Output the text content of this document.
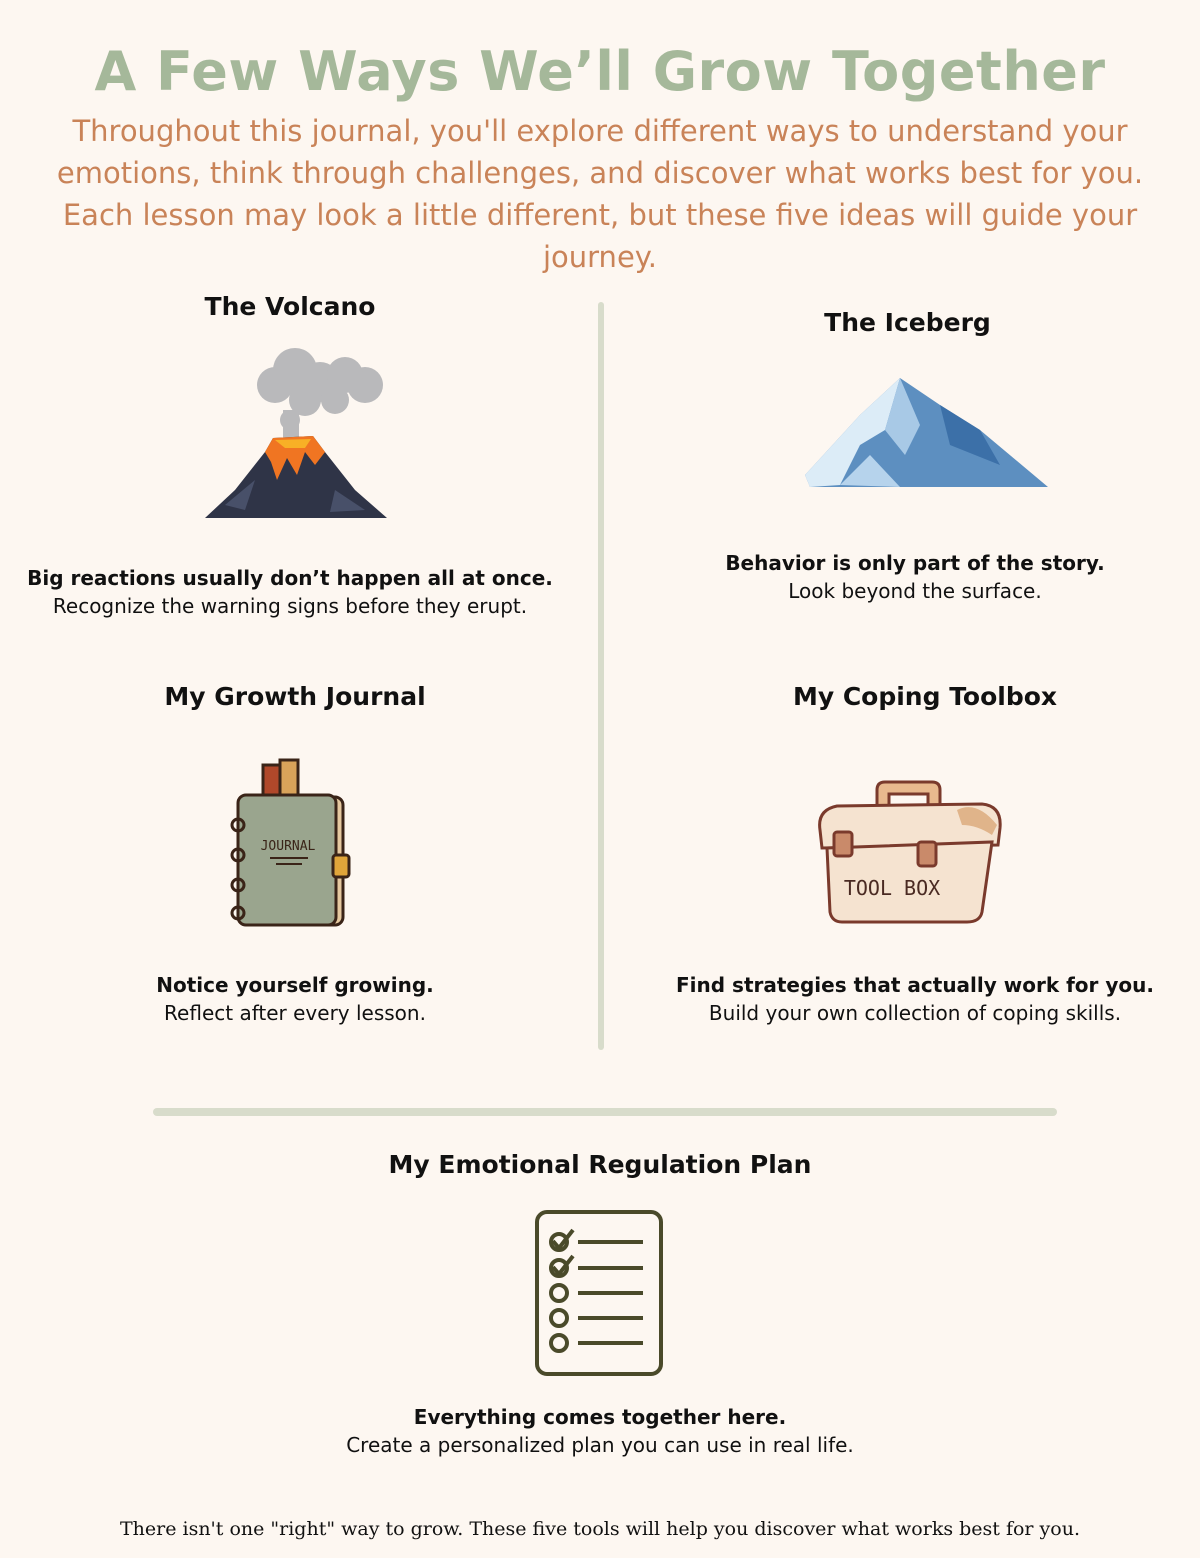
A Few Ways We’ll Grow Together
Throughout this journal, you'll explore different ways to understand your emotions, think through challenges, and discover what works best for you. Each lesson may look a little different, but these five ideas will guide your journey.
The Volcano
Big reactions usually don’t happen all at once.
Recognize the warning signs before they erupt.
The Iceberg
Behavior is only part of the story.
Look beyond the surface.
My Growth Journal
JOURNAL
Notice yourself growing.
Reflect after every lesson.
My Coping Toolbox
TOOL BOX
Find strategies that actually work for you.
Build your own collection of coping skills.
My Emotional Regulation Plan
Everything comes together here.
Create a personalized plan you can use in real life.
There isn't one "right" way to grow. These five tools will help you discover what works best for you.
